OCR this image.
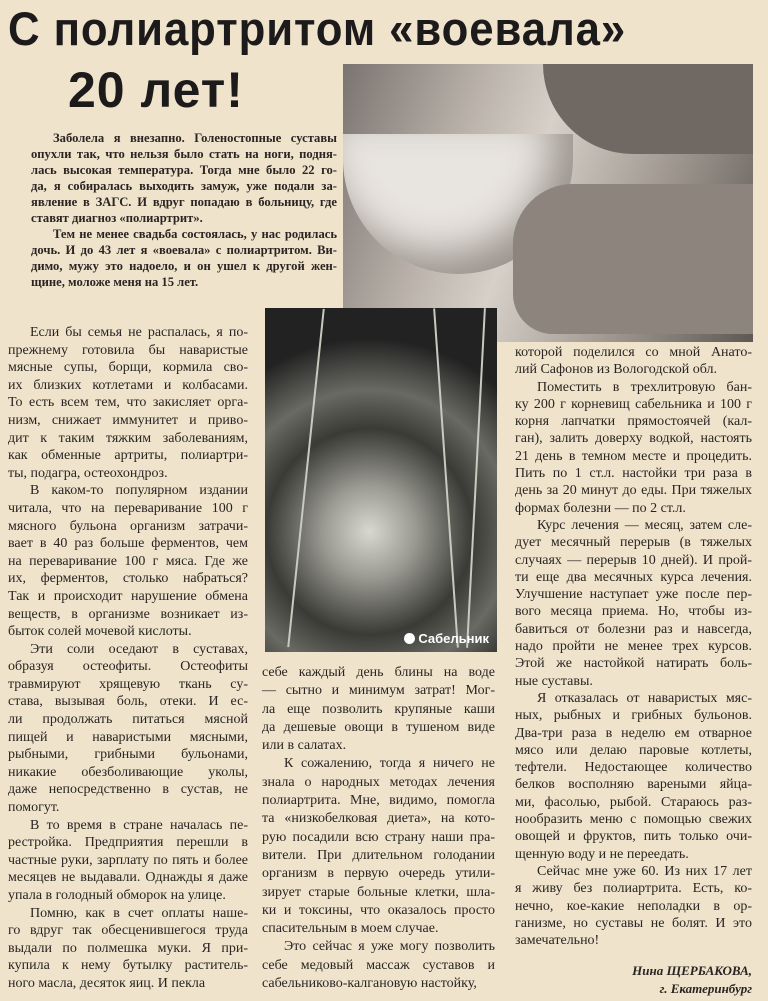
С полиартритом «воевала»
20 лет!
Сабельник
Заболела я внезапно. Голеностопные суставы
опухли так, что нельзя было стать на ноги, подня-
лась высокая температура. Тогда мне было 22 го-
да, я собиралась выходить замуж, уже подали за-
явление в ЗАГС. И вдруг попадаю в больницу, где
ставят диагноз «полиартрит».
Тем не менее свадьба состоялась, у нас родилась
дочь. И до 43 лет я «воевала» с полиартритом. Ви-
димо, мужу это надоело, и он ушел к другой жен-
щине, моложе меня на 15 лет.
Если бы семья не распалась, я по-
прежнему готовила бы наваристые
мясные супы, борщи, кормила сво-
их близких котлетами и колбасами.
То есть всем тем, что закисляет орга-
низм, снижает иммунитет и приво-
дит к таким тяжким заболеваниям,
как обменные артриты, полиартри-
ты, подагра, остеохондроз.
В каком-то популярном издании
читала, что на переваривание 100 г
мясного бульона организм затрачи-
вает в 40 раз больше ферментов, чем
на переваривание 100 г мяса. Где же
их, ферментов, столько набраться?
Так и происходит нарушение обмена
веществ, в организме возникает из-
быток солей мочевой кислоты.
Эти соли оседают в суставах,
образуя остеофиты. Остеофиты
травмируют хрящевую ткань су-
става, вызывая боль, отеки. И ес-
ли продолжать питаться мясной
пищей и наваристыми мясными,
рыбными, грибными бульонами,
никакие обезболивающие уколы,
даже непосредственно в сустав, не
помогут.
В то время в стране началась пе-
рестройка. Предприятия перешли в
частные руки, зарплату по пять и более
месяцев не выдавали. Однажды я даже
упала в голодный обморок на улице.
Помню, как в счет оплаты наше-
го вдруг так обесценившегося труда
выдали по полмешка муки. Я при-
купила к нему бутылку раститель-
ного масла, десяток яиц. И пекла
себе каждый день блины на воде
— сытно и минимум затрат! Мог-
ла еще позволить крупяные каши
да дешевые овощи в тушеном виде
или в салатах.
К сожалению, тогда я ничего не
знала о народных методах лечения
полиартрита. Мне, видимо, помогла
та «низкобелковая диета», на кото-
рую посадили всю страну наши пра-
вители. При длительном голодании
организм в первую очередь утили-
зирует старые больные клетки, шла-
ки и токсины, что оказалось просто
спасительным в моем случае.
Это сейчас я уже могу позволить
себе медовый массаж суставов и
сабельниково-калгановую настойку,
которой поделился со мной Анато-
лий Сафонов из Вологодской обл.
Поместить в трехлитровую бан-
ку 200 г корневищ сабельника и 100 г
корня лапчатки прямостоячей (кал-
ган), залить доверху водкой, настоять
21 день в темном месте и процедить.
Пить по 1 ст.л. настойки три раза в
день за 20 минут до еды. При тяжелых
формах болезни — по 2 ст.л.
Курс лечения — месяц, затем сле-
дует месячный перерыв (в тяжелых
случаях — перерыв 10 дней). И прой-
ти еще два месячных курса лечения.
Улучшение наступает уже после пер-
вого месяца приема. Но, чтобы из-
бавиться от болезни раз и навсегда,
надо пройти не менее трех курсов.
Этой же настойкой натирать боль-
ные суставы.
Я отказалась от наваристых мяс-
ных, рыбных и грибных бульонов.
Два-три раза в неделю ем отварное
мясо или делаю паровые котлеты,
тефтели. Недостающее количество
белков восполняю вареными яйца-
ми, фасолью, рыбой. Стараюсь раз-
нообразить меню с помощью свежих
овощей и фруктов, пить только очи-
щенную воду и не переедать.
Сейчас мне уже 60. Из них 17 лет
я живу без полиартрита. Есть, ко-
нечно, кое-какие неполадки в ор-
ганизме, но суставы не болят. И это
замечательно!
Нина ЩЕРБАКОВА,
г. Екатеринбург
